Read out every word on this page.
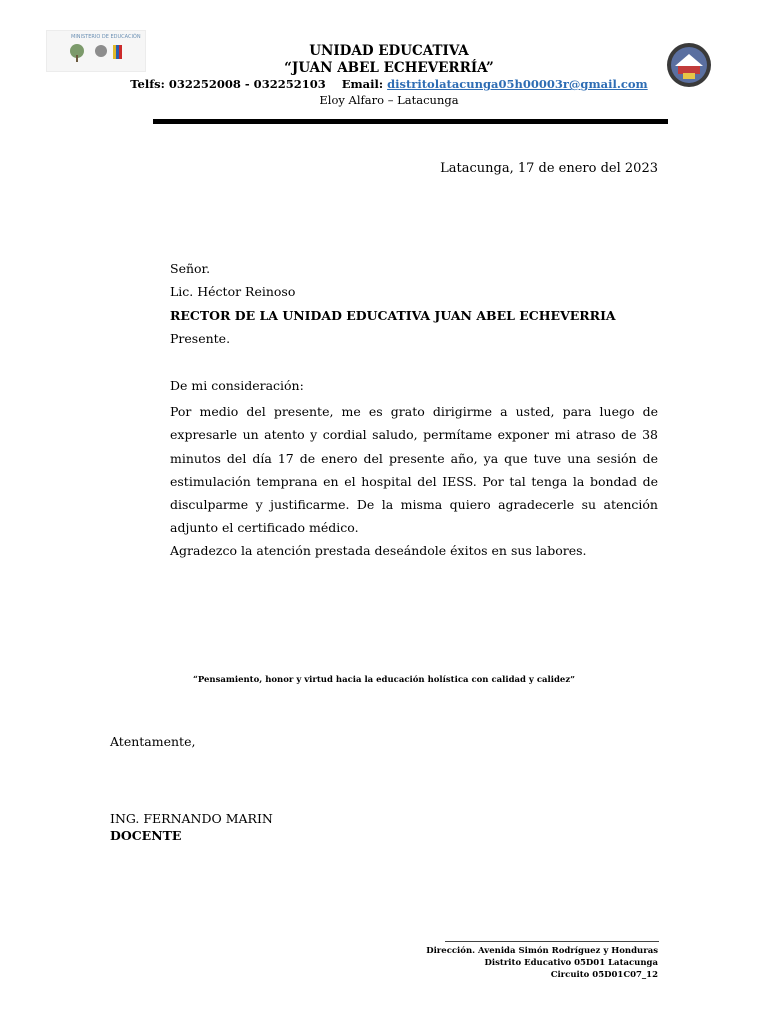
MINISTERIO DE EDUCACIÓN
UNIDAD EDUCATIVA
“JUAN ABEL ECHEVERRÍA”
Telfs: 032252008 - 032252103    Email: distritolatacunga05h00003r@gmail.com
Eloy Alfaro – Latacunga
Latacunga, 17 de enero del 2023
Señor.
Lic. Héctor Reinoso
RECTOR DE LA UNIDAD EDUCATIVA JUAN ABEL ECHEVERRIA
Presente.
De mi consideración:
Por medio del presente, me es grato dirigirme a usted, para luego de expresarle un atento y cordial saludo, permítame exponer mi atraso de 38 minutos del día 17 de enero del presente año, ya que tuve una sesión de estimulación temprana en el hospital del IESS. Por tal tenga la bondad de disculparme y justificarme. De la misma quiero agradecerle su atención adjunto el certificado médico.
Agradezco la atención prestada deseándole éxitos en sus labores.
“Pensamiento, honor y virtud hacia la educación holística con calidad y calidez”
Atentamente,
ING. FERNANDO MARIN
DOCENTE
Dirección. Avenida Simón Rodríguez y Honduras
Distrito Educativo 05D01 Latacunga
Circuito 05D01C07_12
